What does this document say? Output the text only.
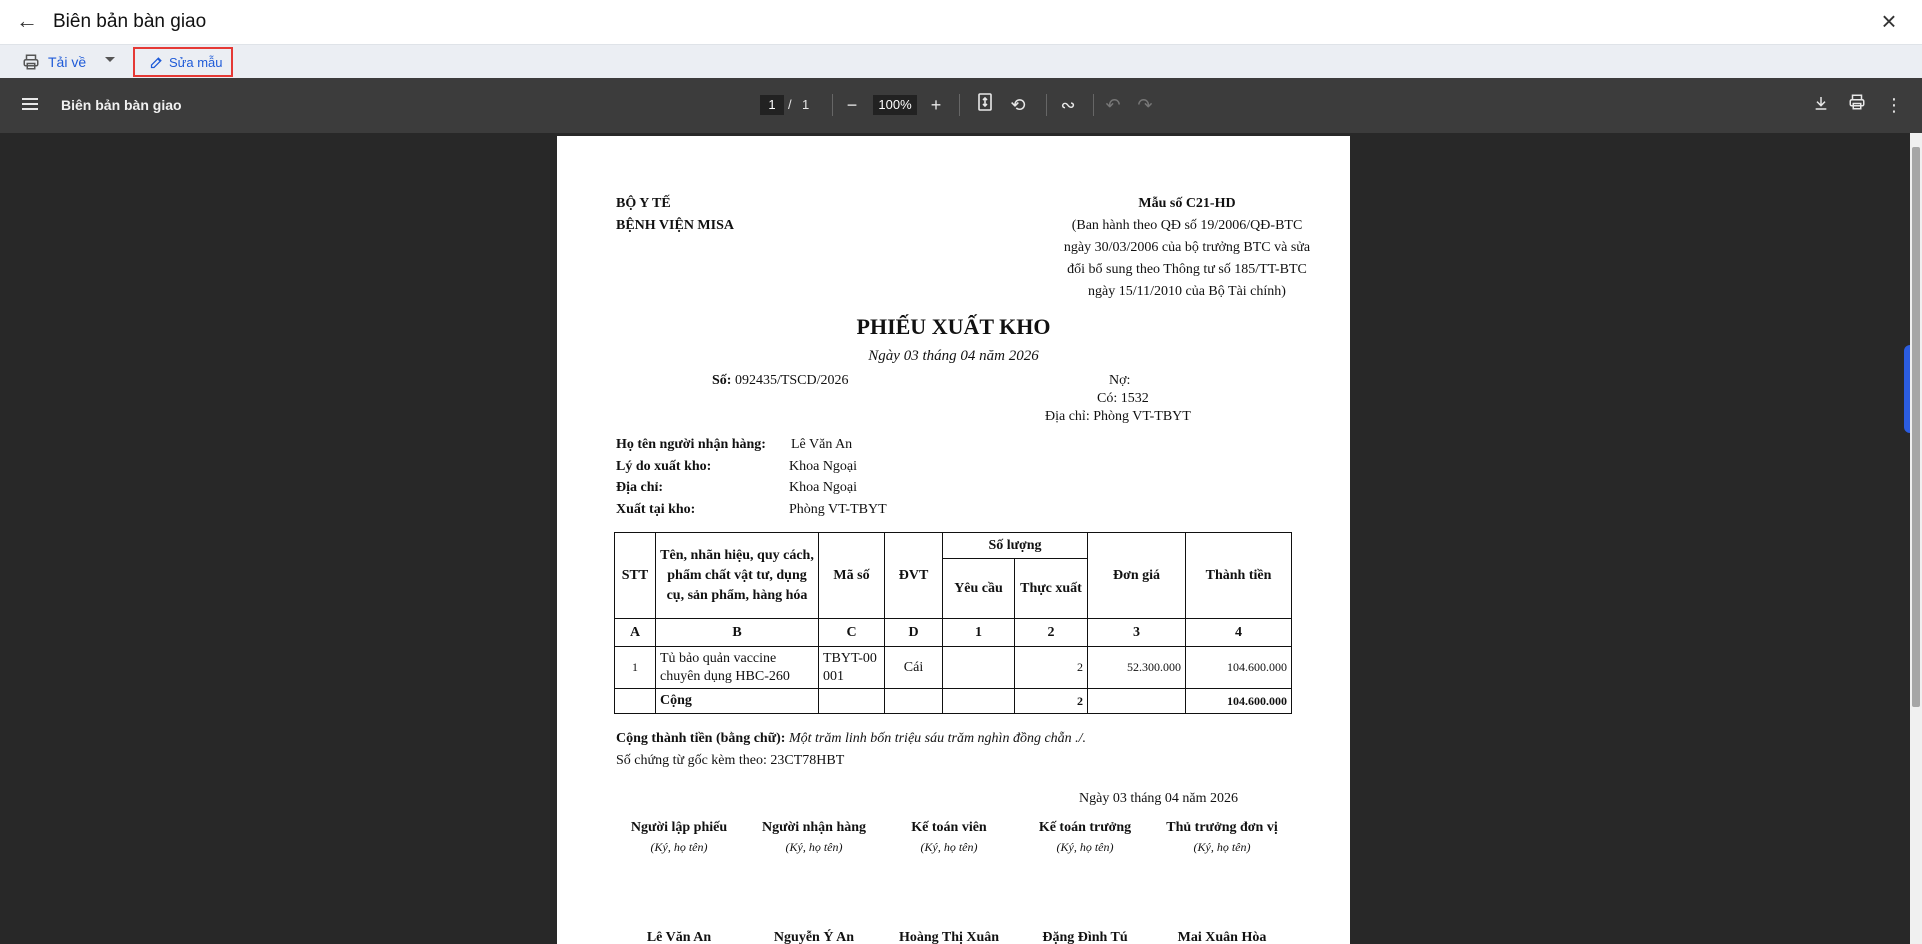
← Biên bản bàn giao	×
Tải về	Sửa mẫu
Biên bản bàn giao	1 / 1	−	100%	+	⟲ ∾ ↶ ↷	⋮
BỘ Y TẾ
BỆNH VIỆN MISA
Mẫu số C21-HD
(Ban hành theo QĐ số 19/2006/QĐ-BTC
ngày 30/03/2006 của bộ trưởng BTC và sửa
đổi bổ sung theo Thông tư số 185/TT-BTC
ngày 15/11/2010 của Bộ Tài chính)
PHIẾU XUẤT KHO
Ngày 03 tháng 04 năm 2026
Số: 092435/TSCD/2026	Nợ:
Có: 1532
Địa chỉ: Phòng VT-TBYT
Họ tên người nhận hàng: Lê Văn An
Lý do xuất kho:	Khoa Ngoại
Địa chỉ:	Khoa Ngoại
Xuất tại kho:	Phòng VT-TBYT
STT	Tên, nhãn hiệu, quy cách, phẩm chất vật tư, dụng cụ, sản phẩm, hàng hóa	Mã số	ĐVT	Số lượng		Đơn giá	Thành tiền
				Yêu cầu	Thực xuất		
A	B	C	D	1	2	3	4
1	Tủ bảo quản vaccine chuyên dụng HBC-260	TBYT-00001	Cái		2	52.300.000	104.600.000
	Cộng				2		104.600.000
Cộng thành tiền (bằng chữ): Một trăm linh bốn triệu sáu trăm nghìn đồng chẵn ./.
Số chứng từ gốc kèm theo: 23CT78HBT
Ngày 03 tháng 04 năm 2026
Người lập phiếu
(Ký, họ tên)
Người nhận hàng
(Ký, họ tên)
Kế toán viên
(Ký, họ tên)
Kế toán trưởng
(Ký, họ tên)
Thủ trưởng đơn vị
(Ký, họ tên)
Lê Văn An	Nguyễn Ý An	Hoàng Thị Xuân	Đặng Đình Tú	Mai Xuân Hòa
